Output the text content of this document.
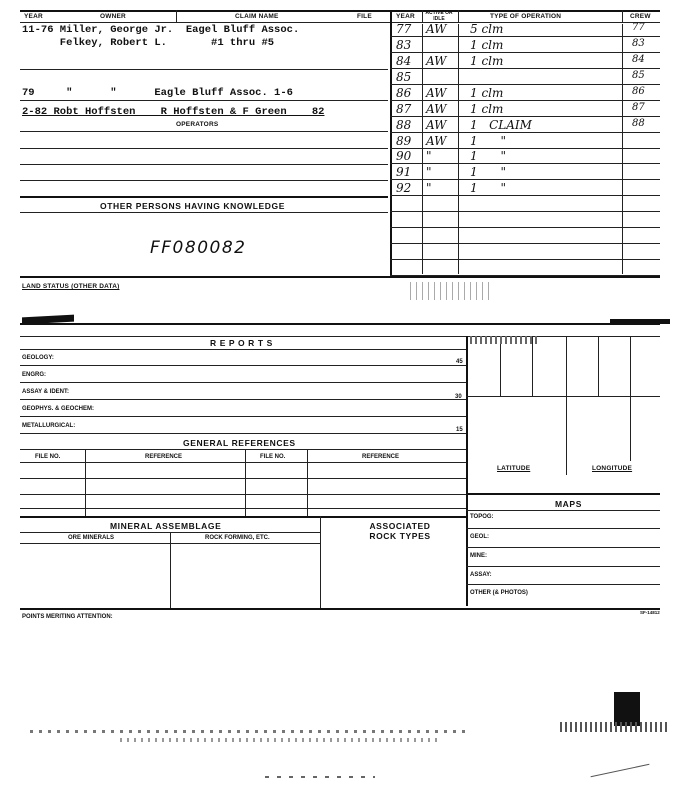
YEAR	OWNER	CLAIM NAME	FILE	YEAR ACTIVE OR IDLE	TYPE OF OPERATION	CREW
11-76 Miller, George Jr.  Eagel Bluff Assoc.
Felkey, Robert L.       #1 thru #5
79     "      "      Eagle Bluff Assoc. 1-6
2-82 Robt Hoffsten    R Hoffsten & F Green    82
OPERATORS
OTHER PERSONS HAVING KNOWLEDGE
FF080082
77 AW 5 clm	77
83	1 clm	83
84 AW 1 clm	84
85	85
86 AW 1 clm	86
87 AW 1 clm	87
88 AW 1   CLAIM	88
89 AW 1      "
90 "	1      "
91 "	1      "
92 "	1      "
LAND STATUS (OTHER DATA)
R E P O R T S
GEOLOGY:
45
ENGRG:
ASSAY & IDENT:
30
GEOPHYS. & GEOCHEM:
METALLURGICAL:
15
GENERAL REFERENCES
FILE NO.	REFERENCE	FILE NO.	REFERENCE
MINERAL ASSEMBLAGE
ORE MINERALS	ROCK FORMING, ETC.
ASSOCIATED ROCK TYPES
LATITUDE	LONGITUDE
MAPS
TOPOG:
GEOL:
MINE:
ASSAY:
OTHER (& PHOTOS)
POINTS MERITING ATTENTION:
SF-14812
